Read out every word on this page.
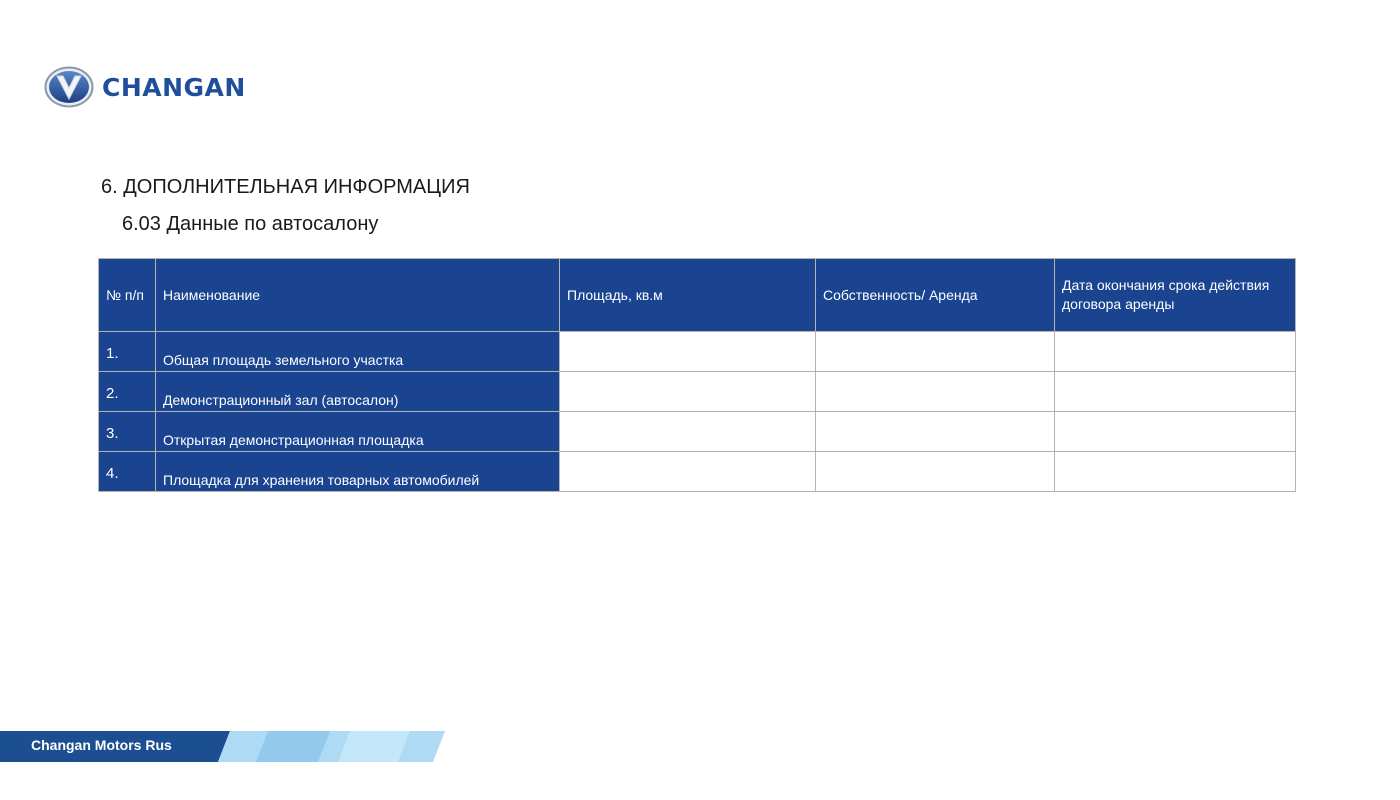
CHANGAN
6. ДОПОЛНИТЕЛЬНАЯ ИНФОРМАЦИЯ
6.03 Данные по автосалону
№ п/п	Наименование	Площадь, кв.м	Собственность/ Аренда	Дата окончания срока действия договора аренды
1.	Общая площадь земельного участка			
2.	Демонстрационный зал (автосалон)			
3.	Открытая демонстрационная площадка			
4.	Площадка для хранения товарных автомобилей			
Changan Motors Rus
